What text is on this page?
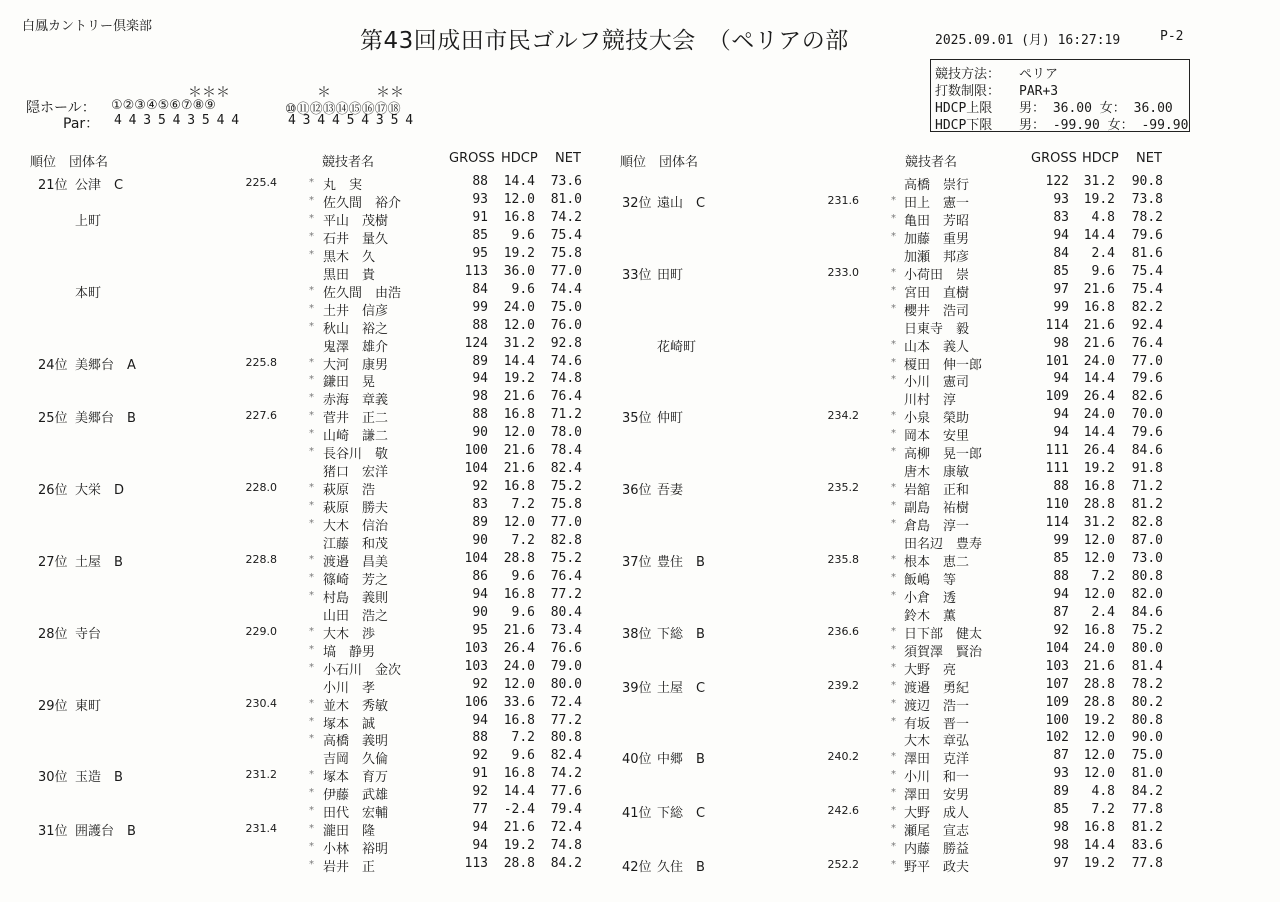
白鳳カントリー倶楽部
第43回成田市民ゴルフ競技大会　（ペリアの部	2025.09.01 (月) 16:27:19	P-2
競技方法： ペリア
打数制限： PAR+3
HDCP上限 男： 36.00 女： 36.00
HDCP下限 男： -99.90 女： -99.90
隠ホール：
Par：
＊＊＊
①②③④⑤⑥⑦⑧⑨
4 4 3 5 4 3 5 4 4
＊	＊＊
⑩⑪⑫⑬⑭⑮⑯⑰⑱
4 3 4 4 5 4 3 5 4
順位　団体名	競技者名	GROSS HDCP NET	順位　団体名	競技者名	GROSS HDCP NET
21位 公津　C	225.4	* 丸　実	88 14.4 73.6
* 佐久間　裕介	93 12.0 81.0
上町	* 平山　茂樹	91 16.8 74.2
* 石井　量久	85 9.6 75.4
* 黒木　久	95 19.2 75.8
黒田　貴	113 36.0 77.0
本町	* 佐久間　由浩	84 9.6 74.4
* 土井　信彦	99 24.0 75.0
* 秋山　裕之	88 12.0 76.0
鬼澤　雄介	124 31.2 92.8
24位 美郷台　A	225.8	* 大河　康男	89 14.4 74.6
* 鎌田　晃	94 19.2 74.8
* 赤海　章義	98 21.6 76.4
25位 美郷台　B	227.6	* 菅井　正二	88 16.8 71.2
* 山崎　謙二	90 12.0 78.0
* 長谷川　敬	100 21.6 78.4
猪口　宏洋	104 21.6 82.4
26位 大栄　D	228.0	* 萩原　浩	92 16.8 75.2
* 萩原　勝夫	83 7.2 75.8
* 大木　信治	89 12.0 77.0
江藤　和茂	90 7.2 82.8
27位 土屋　B	228.8	* 渡邉　昌美	104 28.8 75.2
* 篠崎　芳之	86 9.6 76.4
* 村島　義則	94 16.8 77.2
山田　浩之	90 9.6 80.4
28位 寺台	229.0	* 大木　渉	95 21.6 73.4
* 塙　静男	103 26.4 76.6
* 小石川　金次	103 24.0 79.0
小川　孝	92 12.0 80.0
29位 東町	230.4	* 並木　秀敏	106 33.6 72.4
* 塚本　誠	94 16.8 77.2
* 高橋　義明	88 7.2 80.8
吉岡　久倫	92 9.6 82.4
30位 玉造　B	231.2	* 塚本　育万	91 16.8 74.2
* 伊藤　武雄	92 14.4 77.6
* 田代　宏輔	77 -2.4 79.4
31位 囲護台　B	231.4	* 瀧田　隆	94 21.6 72.4
* 小林　裕明	94 19.2 74.8
* 岩井　正	113 28.8 84.2
高橋　崇行	122 31.2 90.8
32位 遠山　C	231.6	* 田上　憲一	93 19.2 73.8
* 亀田　芳昭	83 4.8 78.2
* 加藤　重男	94 14.4 79.6
加瀬　邦彦	84 2.4 81.6
33位 田町	233.0	* 小荷田　崇	85 9.6 75.4
* 宮田　直樹	97 21.6 75.4
* 櫻井　浩司	99 16.8 82.2
日東寺　毅	114 21.6 92.4
花崎町	* 山本　義人	98 21.6 76.4
* 榎田　伸一郎	101 24.0 77.0
* 小川　憲司	94 14.4 79.6
川村　淳	109 26.4 82.6
35位 仲町	234.2	* 小泉　榮助	94 24.0 70.0
* 岡本　安里	94 14.4 79.6
* 高柳　晃一郎	111 26.4 84.6
唐木　康敏	111 19.2 91.8
36位 吾妻	235.2	* 岩舘　正和	88 16.8 71.2
* 副島　祐樹	110 28.8 81.2
* 倉島　淳一	114 31.2 82.8
田名辺　豊寿	99 12.0 87.0
37位 豊住　B	235.8	* 根本　恵二	85 12.0 73.0
* 飯嶋　等	88 7.2 80.8
* 小倉　透	94 12.0 82.0
鈴木　薫	87 2.4 84.6
38位 下総　B	236.6	* 日下部　健太	92 16.8 75.2
* 須賀澤　賢治	104 24.0 80.0
* 大野　亮	103 21.6 81.4
39位 土屋　C	239.2	* 渡邉　勇紀	107 28.8 78.2
* 渡辺　浩一	109 28.8 80.2
* 有坂　晋一	100 19.2 80.8
大木　章弘	102 12.0 90.0
40位 中郷　B	240.2	* 澤田　克洋	87 12.0 75.0
* 小川　和一	93 12.0 81.0
* 澤田　安男	89 4.8 84.2
41位 下総　C	242.6	* 大野　成人	85 7.2 77.8
* 瀬尾　宣志	98 16.8 81.2
* 内藤　勝益	98 14.4 83.6
42位 久住　B	252.2	* 野平　政夫	97 19.2 77.8
